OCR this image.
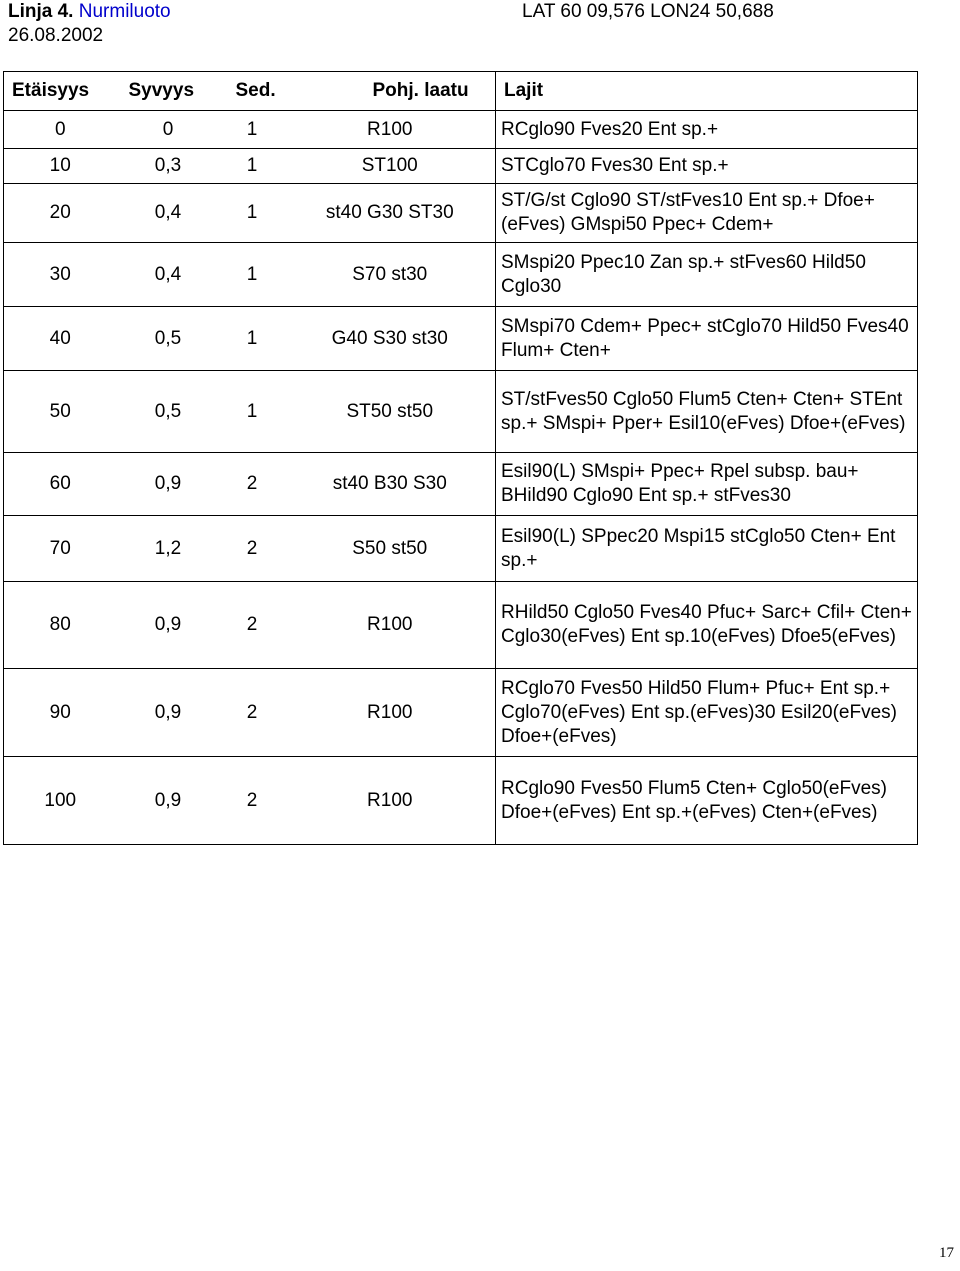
Linja 4. Nurmiluoto	LAT 60 09,576 LON24 50,688
26.08.2002
Etäisyys	Syvyys	Sed.	Pohj. laatu	Lajit
0	0	1	R100	RCglo90 Fves20 Ent sp.+
10	0,3	1	ST100	STCglo70 Fves30 Ent sp.+
20	0,4	1	st40 G30 ST30	ST/G/st Cglo90 ST/stFves10 Ent sp.+ Dfoe+(eFves) GMspi50 Ppec+ Cdem+
30	0,4	1	S70 st30	SMspi20 Ppec10 Zan sp.+ stFves60 Hild50 Cglo30
40	0,5	1	G40 S30 st30	SMspi70 Cdem+ Ppec+ stCglo70 Hild50 Fves40 Flum+ Cten+
50	0,5	1	ST50 st50	ST/stFves50 Cglo50 Flum5 Cten+ Cten+ STEnt sp.+ SMspi+ Pper+ Esil10(eFves) Dfoe+(eFves)
60	0,9	2	st40 B30 S30	Esil90(L) SMspi+ Ppec+ Rpel subsp. bau+ BHild90 Cglo90 Ent sp.+ stFves30
70	1,2	2	S50 st50	Esil90(L) SPpec20 Mspi15 stCglo50 Cten+ Ent sp.+
80	0,9	2	R100	RHild50 Cglo50 Fves40 Pfuc+ Sarc+ Cfil+ Cten+ Cglo30(eFves) Ent sp.10(eFves) Dfoe5(eFves)
90	0,9	2	R100	RCglo70 Fves50 Hild50 Flum+ Pfuc+ Ent sp.+ Cglo70(eFves) Ent sp.(eFves)30 Esil20(eFves) Dfoe+(eFves)
100	0,9	2	R100	RCglo90 Fves50 Flum5 Cten+ Cglo50(eFves) Dfoe+(eFves) Ent sp.+(eFves) Cten+(eFves)
17
